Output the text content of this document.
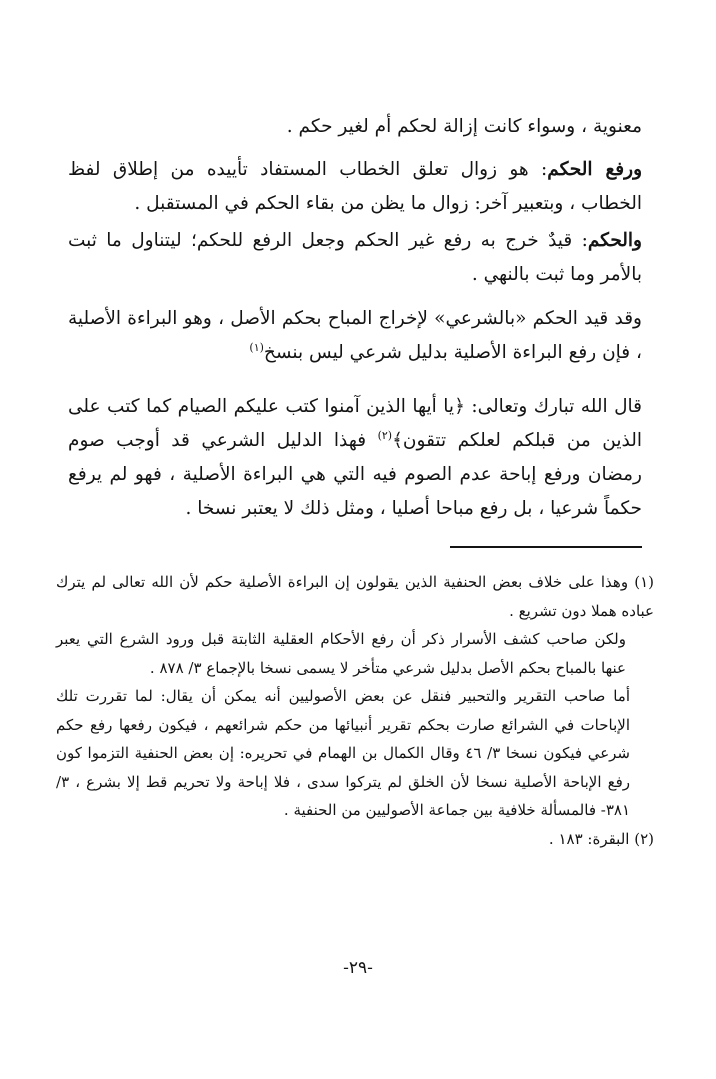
معنوية ، وسواء كانت إزالة لحكم أم لغير حكم .

ورفع الحكم: هو زوال تعلق الخطاب المستفاد تأييده من إطلاق لفظ الخطاب ، وبتعبير آخر: زوال ما يظن من بقاء الحكم في المستقبل .

والحكم: قيدٌ خرج به رفع غير الحكم وجعل الرفع للحكم؛ ليتناول ما ثبت بالأمر وما ثبت بالنهي .

وقد قيد الحكم «بالشرعي» لإخراج المباح بحكم الأصل ، وهو البراءة الأصلية ، فإن رفع البراءة الأصلية بدليل شرعي ليس بنسخ$^{(١)}$

قال الله تبارك وتعالى: ﴿يا أيها الذين آمنوا كتب عليكم الصيام كما كتب على الذين من قبلكم لعلكم تتقون﴾$^{(٢)}$ فهذا الدليل الشرعي قد أوجب صوم رمضان ورفع إباحة عدم الصوم فيه التي هي البراءة الأصلية ، فهو لم يرفع حكماً شرعيا ، بل رفع مباحا أصليا ، ومثل ذلك لا يعتبر نسخا .

(١) وهذا على خلاف بعض الحنفية الذين يقولون إن البراءة الأصلية حكم لأن الله تعالى لم يترك عباده هملا دون تشريع .

ولكن صاحب كشف الأسرار ذكر أن رفع الأحكام العقلية الثابتة قبل ورود الشرع التي يعبر عنها بالمباح بحكم الأصل بدليل شرعي متأخر لا يسمى نسخا بالإجماع ٣/ ٨٧٨ .

أما صاحب التقرير والتحبير فنقل عن بعض الأصوليين أنه يمكن أن يقال: لما تقررت تلك الإباحات في الشرائع صارت بحكم تقرير أنبيائها من حكم شرائعهم ، فيكون رفعها رفع حكم شرعي فيكون نسخا ٣/ ٤٦ وقال الكمال بن الهمام في تحريره: إن بعض الحنفية التزموا كون رفع الإباحة الأصلية نسخا لأن الخلق لم يتركوا سدى ، فلا إباحة ولا تحريم قط إلا بشرع ، ٣/ ٣٨١- فالمسألة خلافية بين جماعة الأصوليين من الحنفية .

(٢) البقرة: ١٨٣ .

-٢٩-
